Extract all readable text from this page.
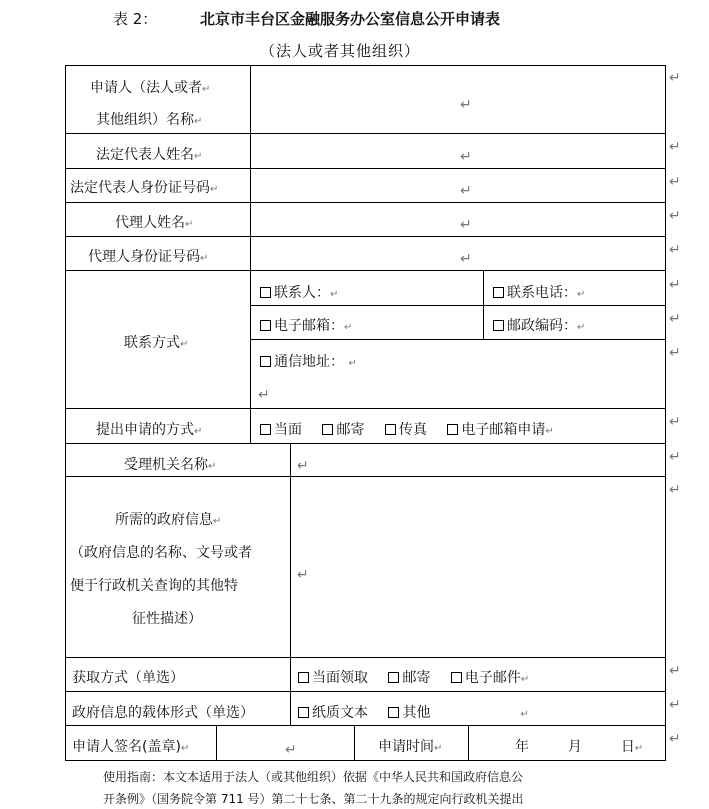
表 2：	北京市丰台区金融服务办公室信息公开申请表
（法人或者其他组织）
申请人（法人或者↵
其他组织）名称↵
↵
法定代表人姓名↵	↵
法定代表人身份证号码↵	↵
代理人姓名↵	↵
代理人身份证号码↵	↵
联系方式↵
联系人：↵	联系电话：↵
电子邮箱：↵	邮政编码：↵
通信地址： ↵
↵
提出申请的方式↵	当面 邮寄 传真 电子邮箱申请↵
受理机关名称↵	↵
所需的政府信息↵
（政府信息的名称、文号或者
便于行政机关查询的其他特
征性描述）
↵
获取方式（单选）	当面领取 邮寄 电子邮件↵
政府信息的载体形式（单选）	纸质文本 其他	↵
申请人签名(盖章)↵	↵	申请时间↵	年	月	日↵
↵
↵
↵
↵
↵
↵
↵
↵
↵
↵
↵
↵
↵
↵
使用指南：本文本适用于法人（或其他组织）依据《中华人民共和国政府信息公
开条例》（国务院令第 711 号）第二十七条、第二十九条的规定向行政机关提出
